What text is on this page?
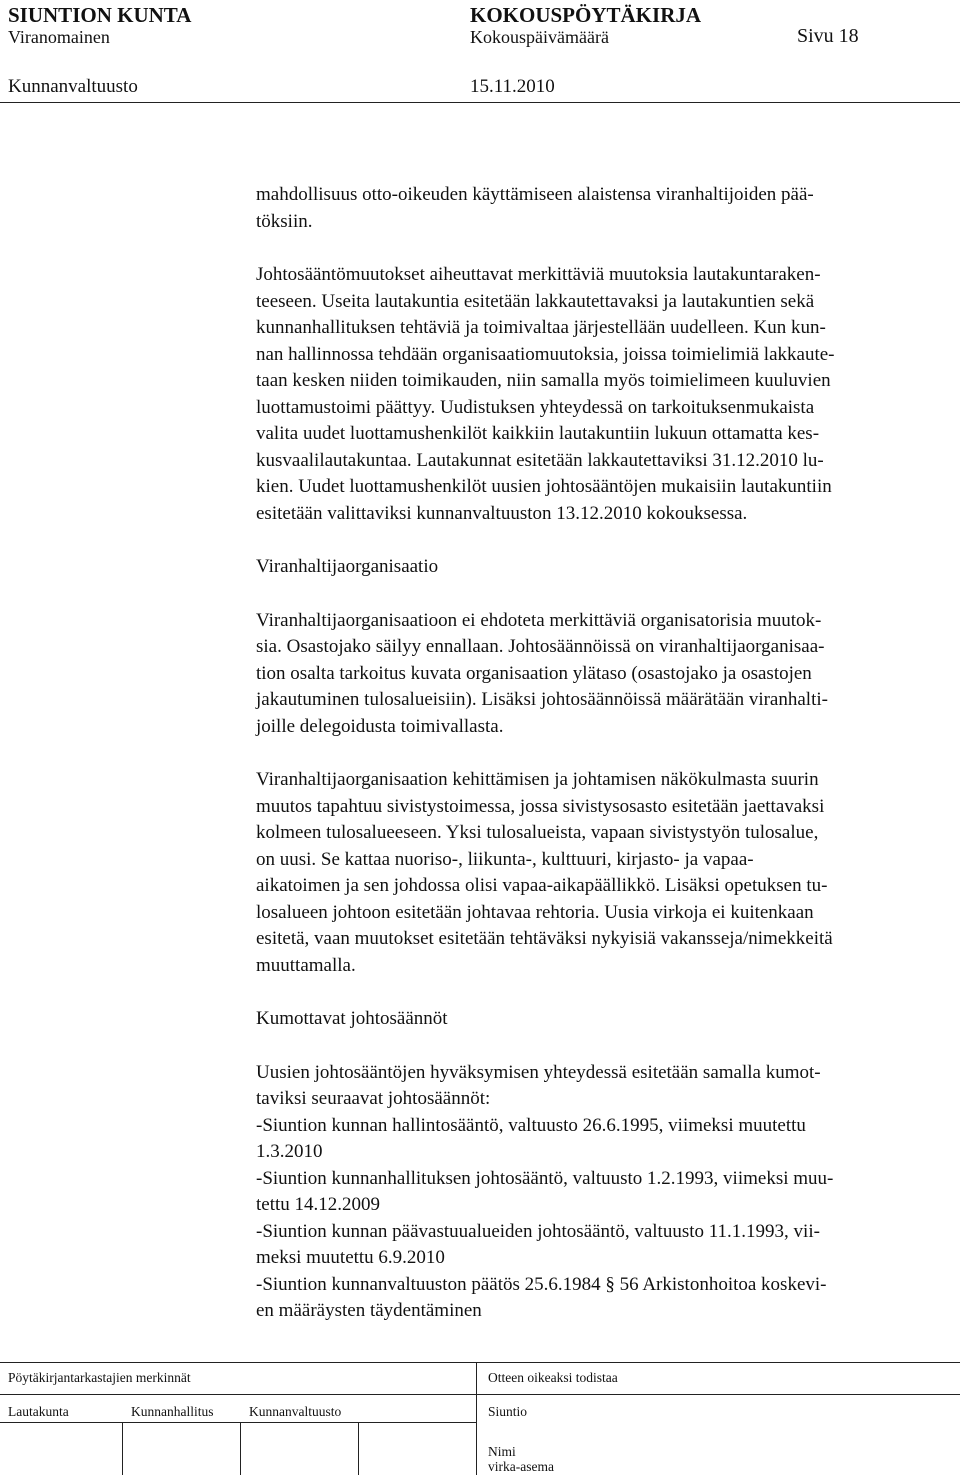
SIUNTION KUNTA	KOKOUSPÖYTÄKIRJA
Viranomainen	Kokouspäivämäärä	Sivu 18
Kunnanvaltuusto	15.11.2010
mahdollisuus otto-oikeuden käyttämiseen alaistensa viranhaltijoiden pää-
töksiin.
Johtosääntömuutokset aiheuttavat merkittäviä muutoksia lautakuntaraken-
teeseen. Useita lautakuntia esitetään lakkautettavaksi ja lautakuntien sekä
kunnanhallituksen tehtäviä ja toimivaltaa järjestellään uudelleen. Kun kun-
nan hallinnossa tehdään organisaatiomuutoksia, joissa toimielimiä lakkaute-
taan kesken niiden toimikauden, niin samalla myös toimielimeen kuuluvien
luottamustoimi päättyy. Uudistuksen yhteydessä on tarkoituksenmukaista
valita uudet luottamushenkilöt kaikkiin lautakuntiin lukuun ottamatta kes-
kusvaalilautakuntaa. Lautakunnat esitetään lakkautettaviksi 31.12.2010 lu-
kien. Uudet luottamushenkilöt uusien johtosääntöjen mukaisiin lautakuntiin
esitetään valittaviksi kunnanvaltuuston 13.12.2010 kokouksessa.
Viranhaltijaorganisaatio
Viranhaltijaorganisaatioon ei ehdoteta merkittäviä organisatorisia muutok-
sia. Osastojako säilyy ennallaan. Johtosäännöissä on viranhaltijaorganisaa-
tion osalta tarkoitus kuvata organisaation ylätaso (osastojako ja osastojen
jakautuminen tulosalueisiin). Lisäksi johtosäännöissä määrätään viranhalti-
joille delegoidusta toimivallasta.
Viranhaltijaorganisaation kehittämisen ja johtamisen näkökulmasta suurin
muutos tapahtuu sivistystoimessa, jossa sivistysosasto esitetään jaettavaksi
kolmeen tulosalueeseen. Yksi tulosalueista, vapaan sivistystyön tulosalue,
on uusi. Se kattaa nuoriso-, liikunta-, kulttuuri, kirjasto- ja vapaa-
aikatoimen ja sen johdossa olisi vapaa-aikapäällikkö. Lisäksi opetuksen tu-
losalueen johtoon esitetään johtavaa rehtoria. Uusia virkoja ei kuitenkaan
esitetä, vaan muutokset esitetään tehtäväksi nykyisiä vakansseja/nimekkeitä
muuttamalla.
Kumottavat johtosäännöt
Uusien johtosääntöjen hyväksymisen yhteydessä esitetään samalla kumot-
taviksi seuraavat johtosäännöt:
-Siuntion kunnan hallintosääntö, valtuusto 26.6.1995, viimeksi muutettu
1.3.2010
-Siuntion kunnanhallituksen johtosääntö, valtuusto 1.2.1993, viimeksi muu-
tettu 14.12.2009
-Siuntion kunnan päävastuualueiden johtosääntö, valtuusto 11.1.1993, vii-
meksi muutettu 6.9.2010
-Siuntion kunnanvaltuuston päätös 25.6.1984 § 56 Arkistonhoitoa koskevi-
en määräysten täydentäminen
Pöytäkirjantarkastajien merkinnät	Otteen oikeaksi todistaa
Lautakunta	Kunnanhallitus	Kunnanvaltuusto	Siuntio
Nimi
virka-asema
